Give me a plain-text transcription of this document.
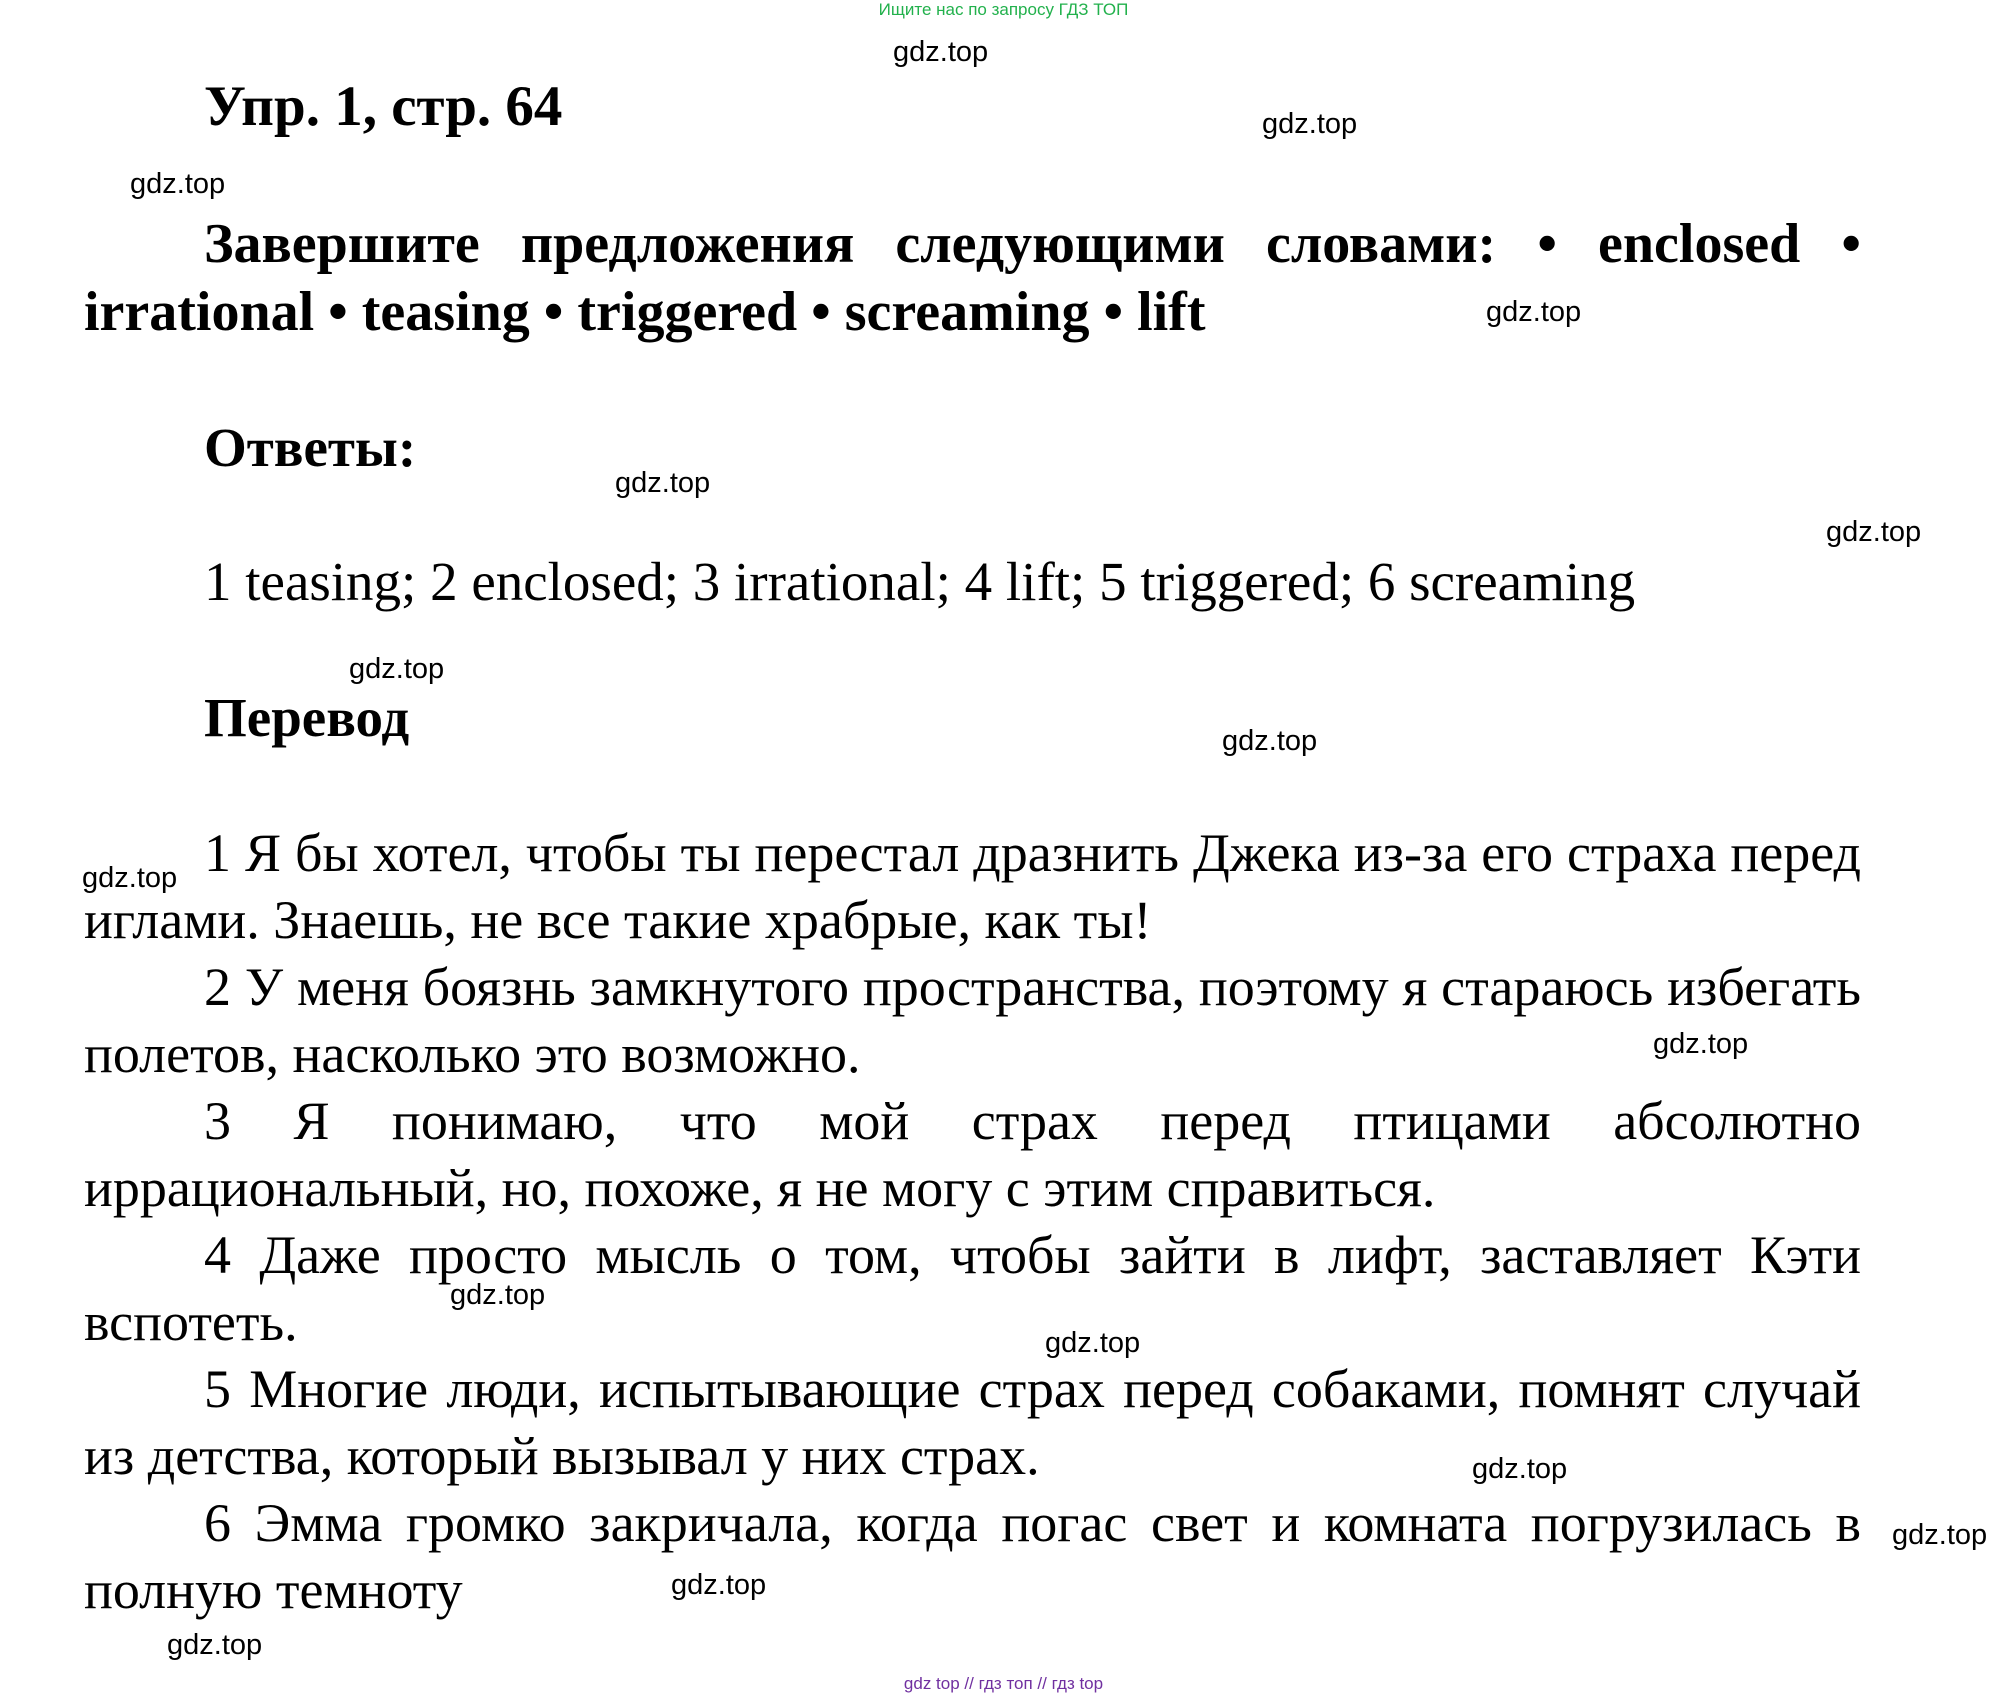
Ищите нас по запросу ГДЗ ТОП
Упр. 1, стр. 64
Завершите предложения следующими словами: • enclosed • irrational • teasing • triggered • screaming • lift
Ответы:
1 teasing; 2 enclosed; 3 irrational; 4 lift; 5 triggered; 6 screaming
Перевод

1 Я бы хотел, чтобы ты перестал дразнить Джека из-за его страха перед иглами. Знаешь, не все такие храбрые, как ты!

2 У меня боязнь замкнутого пространства, поэтому я стараюсь избегать полетов, насколько это возможно.

3 Я понимаю, что мой страх перед птицами абсолютно иррациональный, но, похоже, я не могу с этим справиться.

4 Даже просто мысль о том, чтобы зайти в лифт, заставляет Кэти вспотеть.

5 Многие люди, испытывающие страх перед собаками, помнят случай из детства, который вызывал у них страх.

6 Эмма громко закричала, когда погас свет и комната погрузилась в полную темноту

gdz.top
gdz.top
gdz.top
gdz.top
gdz.top
gdz.top
gdz.top
gdz.top
gdz.top
gdz.top
gdz.top
gdz.top
gdz.top
gdz.top
gdz.top
gdz.top
gdz top // гдз топ // гдз top
